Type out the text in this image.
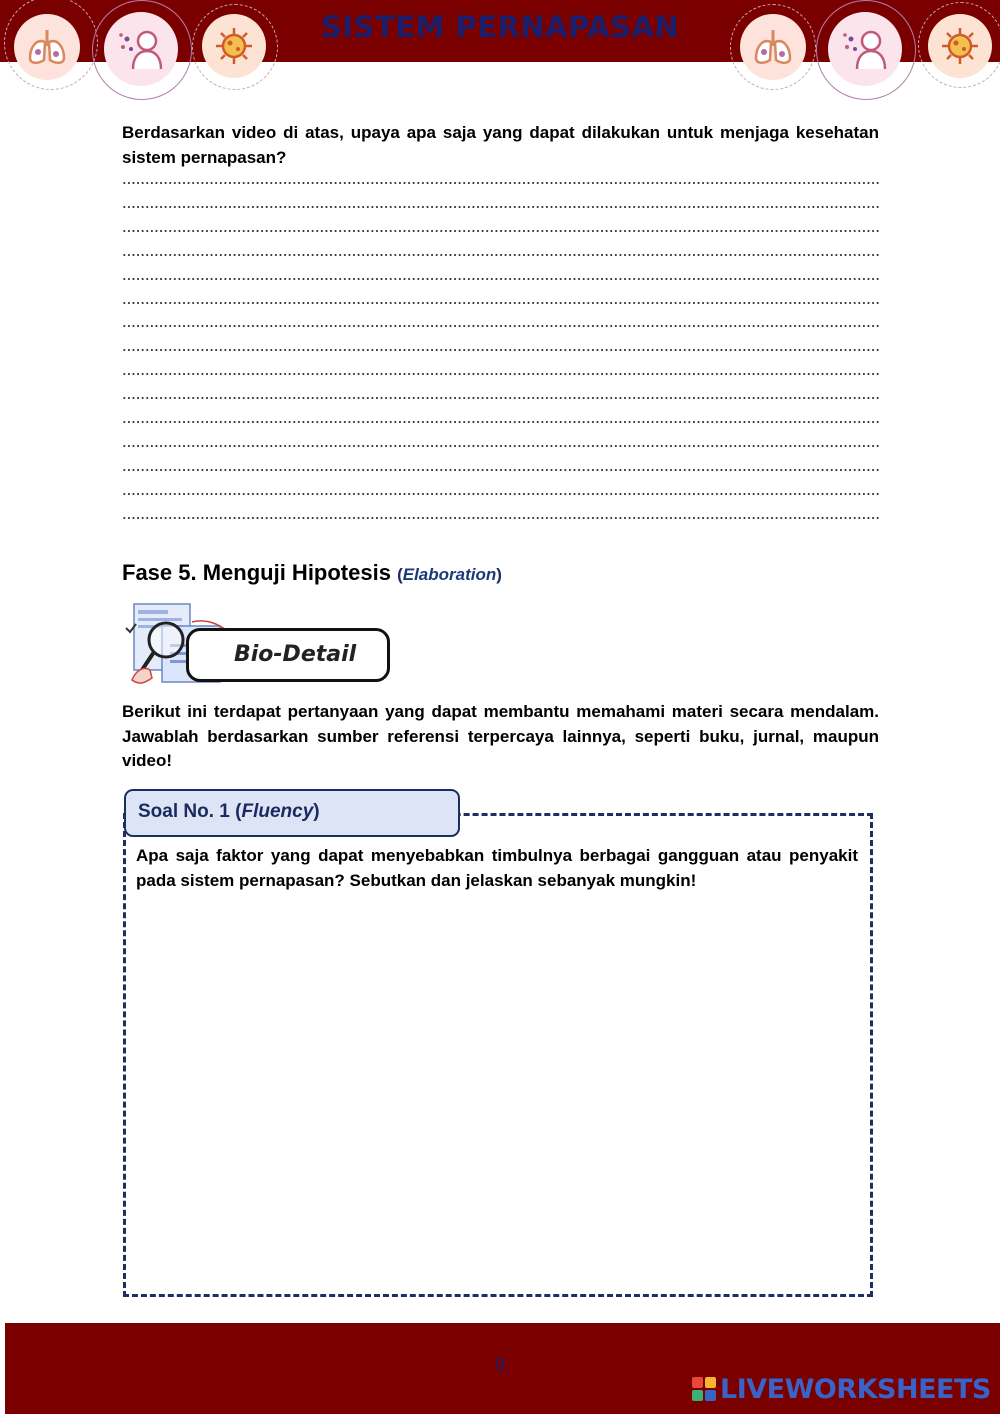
SISTEM PERNAPASAN
Berdasarkan video di atas, upaya apa saja yang dapat dilakukan untuk menjaga kesehatan sistem pernapasan?
Fase 5. Menguji Hipotesis (Elaboration)
Bio-Detail
Berikut ini terdapat pertanyaan yang dapat membantu memahami materi secara mendalam. Jawablah berdasarkan sumber referensi terpercaya lainnya, seperti buku, jurnal, maupun video!
Soal No. 1 (Fluency)
Apa saja faktor yang dapat menyebabkan timbulnya berbagai gangguan atau penyakit pada sistem pernapasan? Sebutkan dan jelaskan sebanyak mungkin!
9
LIVEWORKSHEETS
